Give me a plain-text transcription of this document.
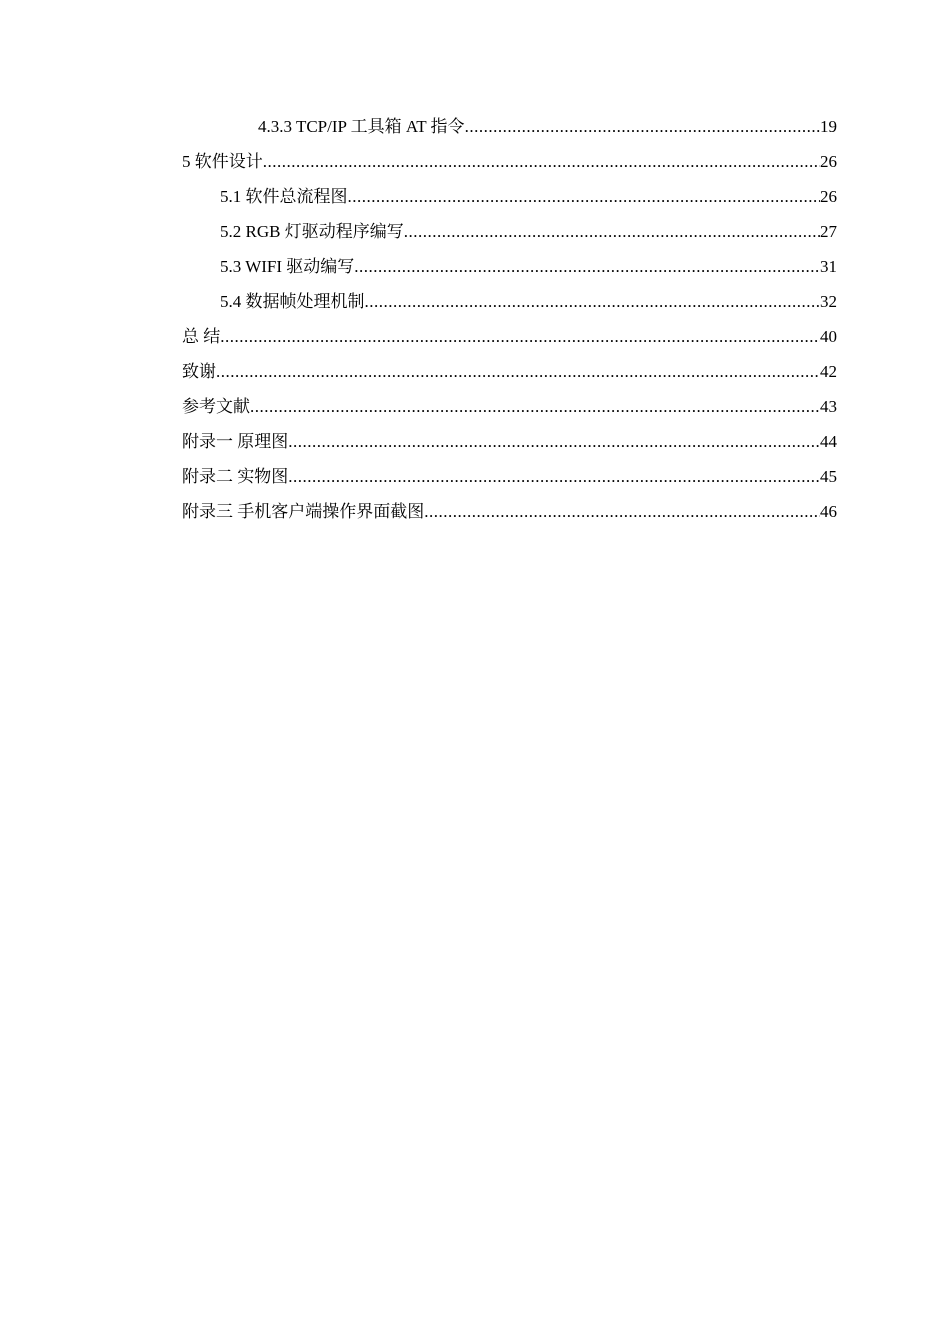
4.3.3 TCP/IP 工具箱 AT 指令 .....	19
5 软件设计 .....	26
5.1 软件总流程图 .....	26
5.2 RGB 灯驱动程序编写 .....	27
5.3 WIFI 驱动编写 .....	31
5.4 数据帧处理机制 .....	32
总 结 .....	40
致谢 .....	42
参考文献 .....	43
附录一 原理图 .....	44
附录二 实物图 .....	45
附录三 手机客户端操作界面截图 .....	46
